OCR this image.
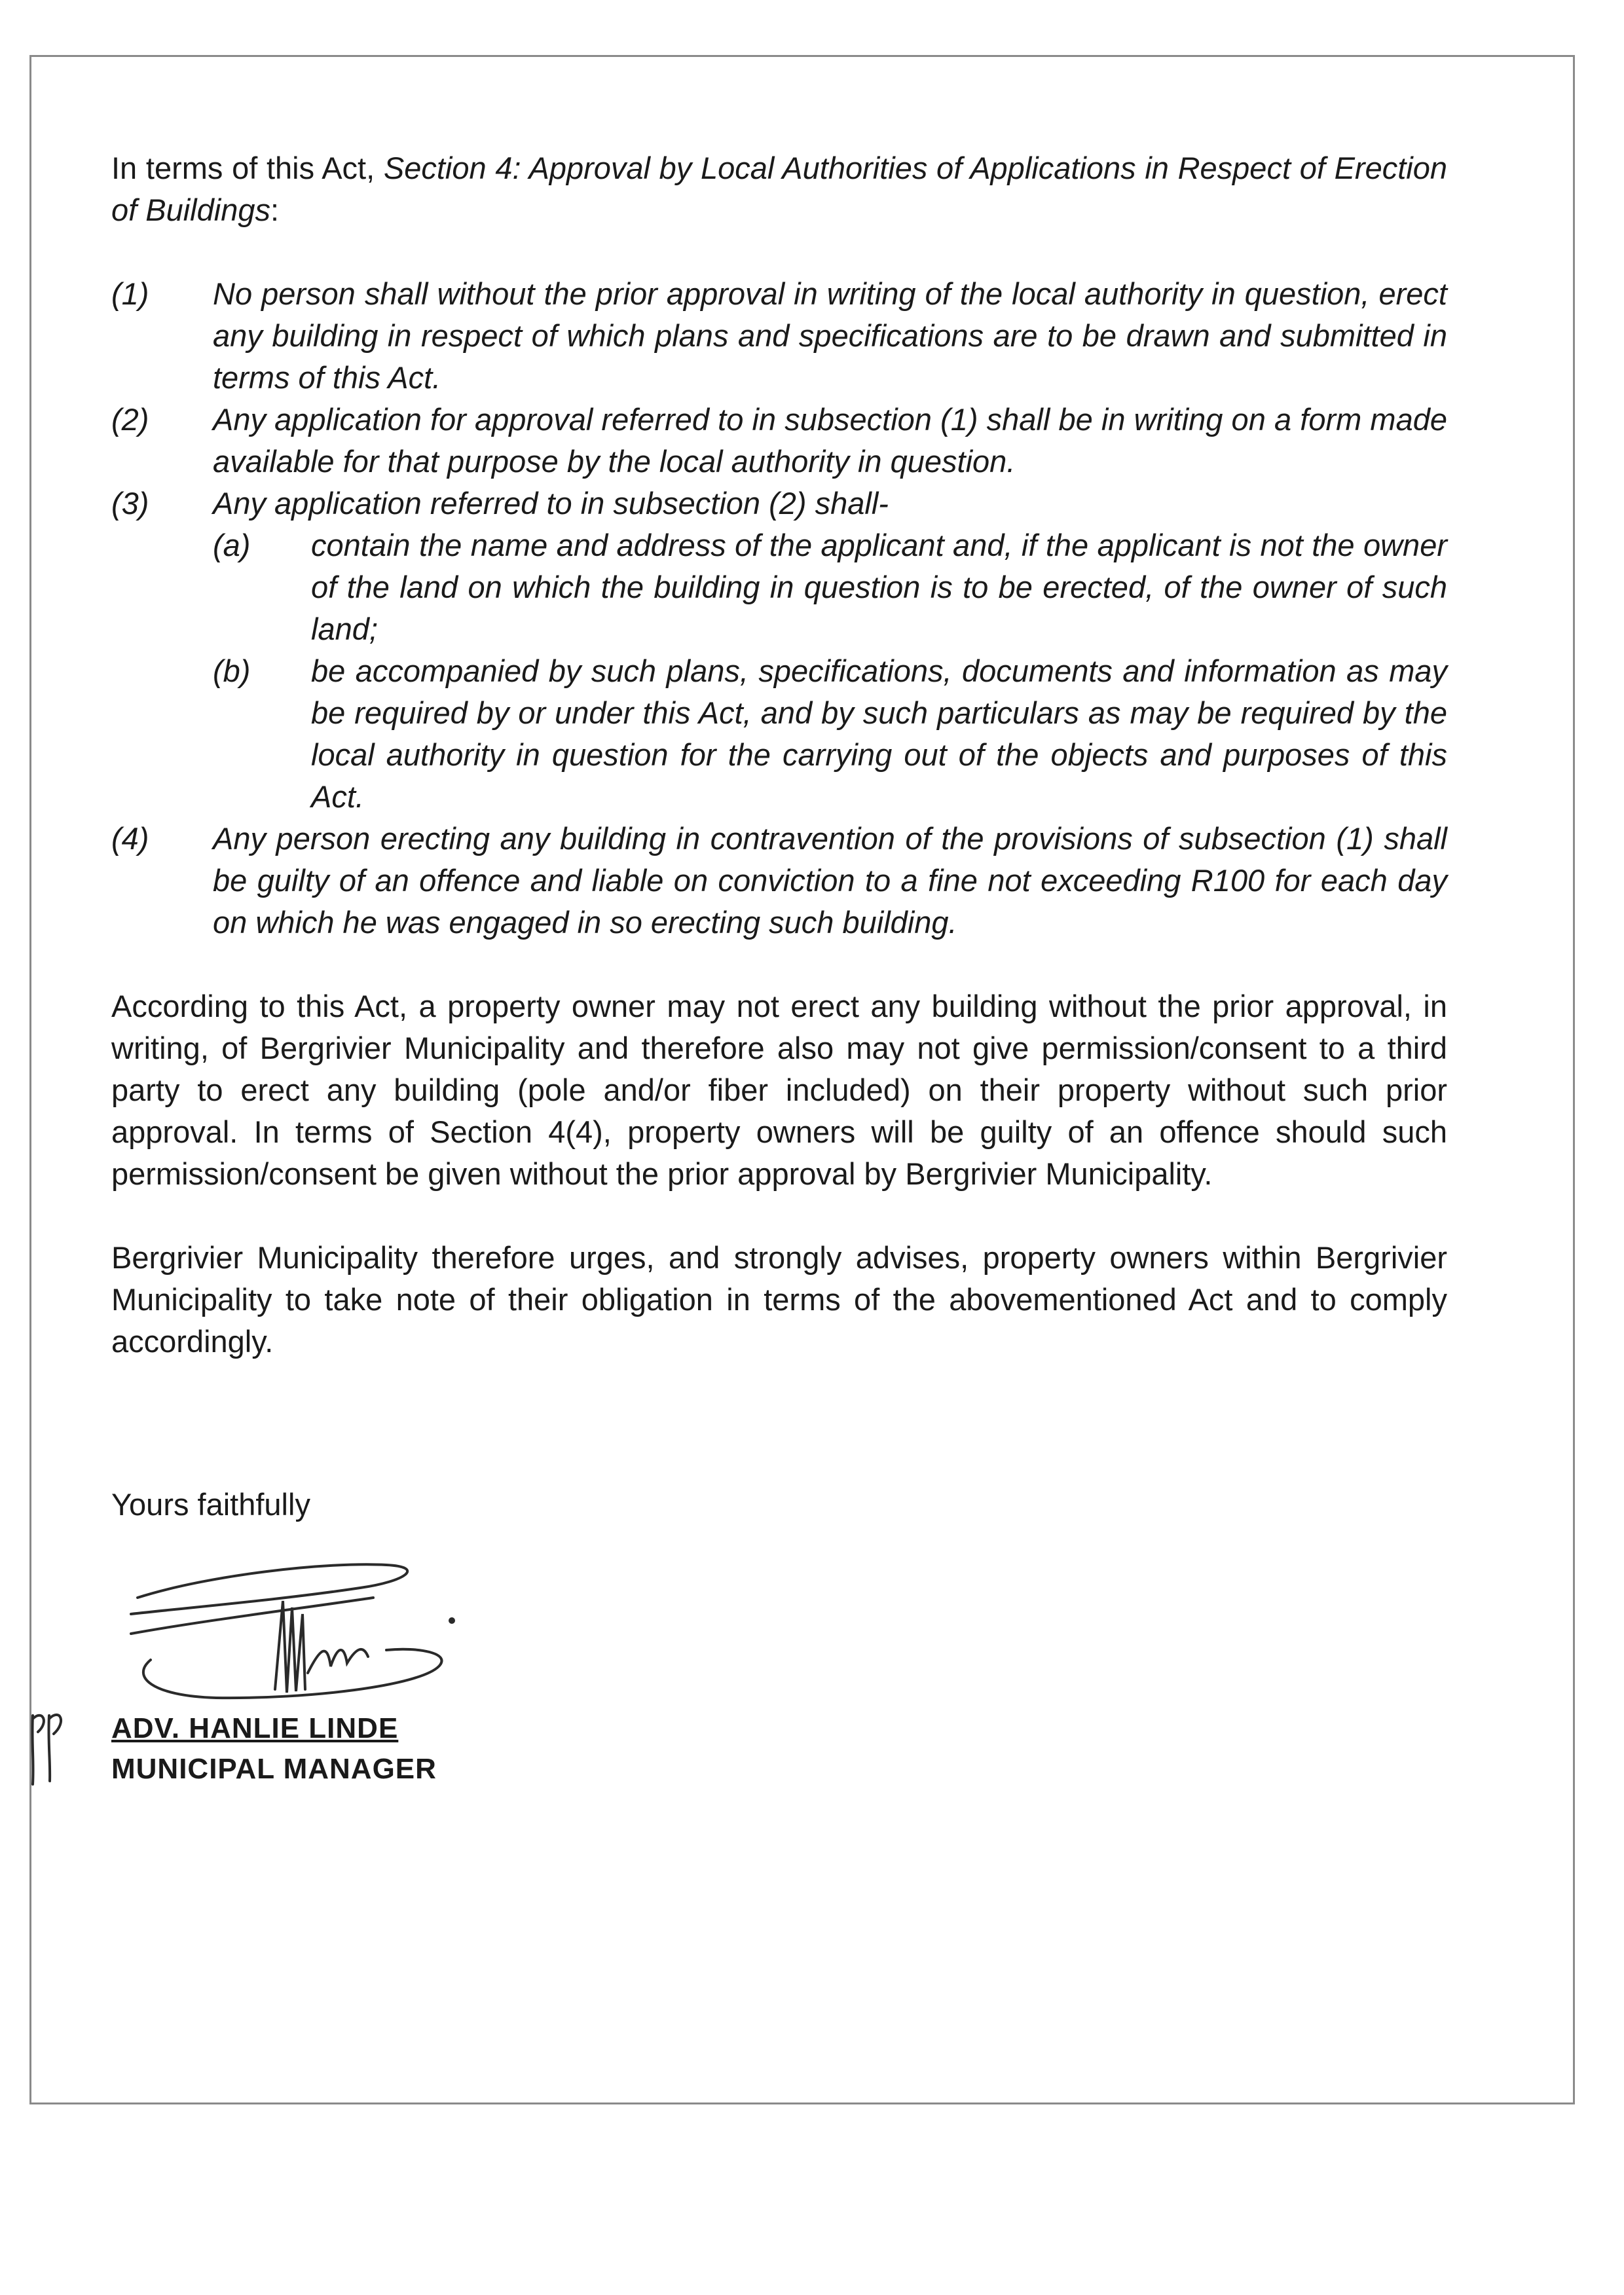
In terms of this Act, Section 4: Approval by Local Authorities of Applications in Respect of Erection of Buildings:

(1)	No person shall without the prior approval in writing of the local authority in question, erect any building in respect of which plans and specifications are to be drawn and submitted in terms of this Act.
(2)	Any application for approval referred to in subsection (1) shall be in writing on a form made available for that purpose by the local authority in question.
(3)	Any application referred to in subsection (2) shall-
(a)	contain the name and address of the applicant and, if the applicant is not the owner of the land on which the building in question is to be erected, of the owner of such land;
(b)	be accompanied by such plans, specifications, documents and information as may be required by or under this Act, and by such particulars as may be required by the local authority in question for the carrying out of the objects and purposes of this Act.
(4)	Any person erecting any building in contravention of the provisions of subsection (1) shall be guilty of an offence and liable on conviction to a fine not exceeding R100 for each day on which he was engaged in so erecting such building.

According to this Act, a property owner may not erect any building without the prior approval, in writing, of Bergrivier Municipality and therefore also may not give permission/consent to a third party to erect any building (pole and/or fiber included) on their property without such prior approval. In terms of Section 4(4), property owners will be guilty of an offence should such permission/consent be given without the prior approval by Bergrivier Municipality.

Bergrivier Municipality therefore urges, and strongly advises, property owners within Bergrivier Municipality to take note of their obligation in terms of the abovementioned Act and to comply accordingly.

Yours faithfully

ADV. HANLIE LINDE
MUNICIPAL MANAGER
